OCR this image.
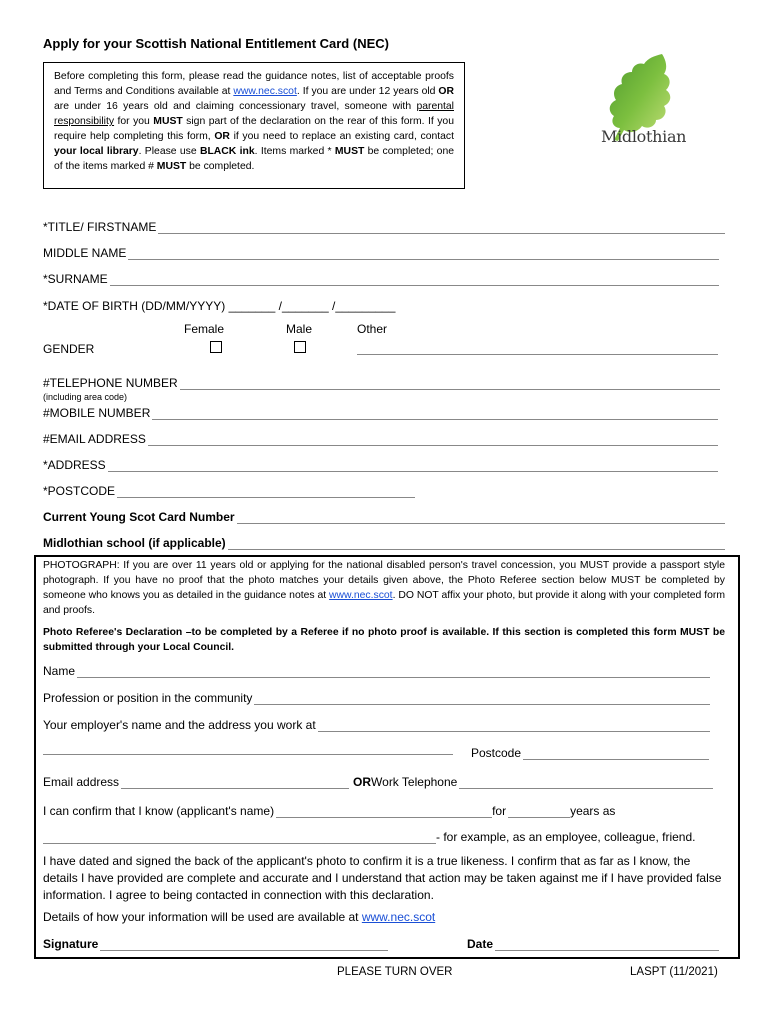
Apply for your Scottish National Entitlement Card (NEC)
Before completing this form, please read the guidance notes, list of acceptable proofs and Terms and Conditions available at www.nec.scot. If you are under 12 years old OR are under 16 years old and claiming concessionary travel, someone with parental responsibility for you MUST sign part of the declaration on the rear of this form. If you require help completing this form, OR if you need to replace an existing card, contact your local library. Please use BLACK ink. Items marked * MUST be completed; one of the items marked # MUST be completed.
Midlothian
*TITLE/ FIRSTNAME
MIDDLE NAME
*SURNAME
*DATE OF BIRTH (DD/MM/YYYY) _______ /_______ /_________
Female	Male	Other
GENDER
#TELEPHONE NUMBER
(including area code)
#MOBILE NUMBER
#EMAIL ADDRESS
*ADDRESS
*POSTCODE
Current Young Scot Card Number
Midlothian school (if applicable)
PHOTOGRAPH: If you are over 11 years old or applying for the national disabled person's travel concession, you MUST provide a passport style photograph. If you have no proof that the photo matches your details given above, the Photo Referee section below MUST be completed by someone who knows you as detailed in the guidance notes at www.nec.scot. DO NOT affix your photo, but provide it along with your completed form and proofs.
Photo Referee's Declaration –to be completed by a Referee if no photo proof is available. If this section is completed this form MUST be submitted through your Local Council.
Name
Profession or position in the community
Your employer's name and the address you work at
Postcode
Email address	OR Work Telephone
I can confirm that I know (applicant's name)	for	years as
- for example, as an employee, colleague, friend.
I have dated and signed the back of the applicant's photo to confirm it is a true likeness. I confirm that as far as I know, the details I have provided are complete and accurate and I understand that action may be taken against me if I have provided false information. I agree to being contacted in connection with this declaration.
Details of how your information will be used are available at www.nec.scot
Signature	Date
PLEASE TURN OVER	LASPT (11/2021)
